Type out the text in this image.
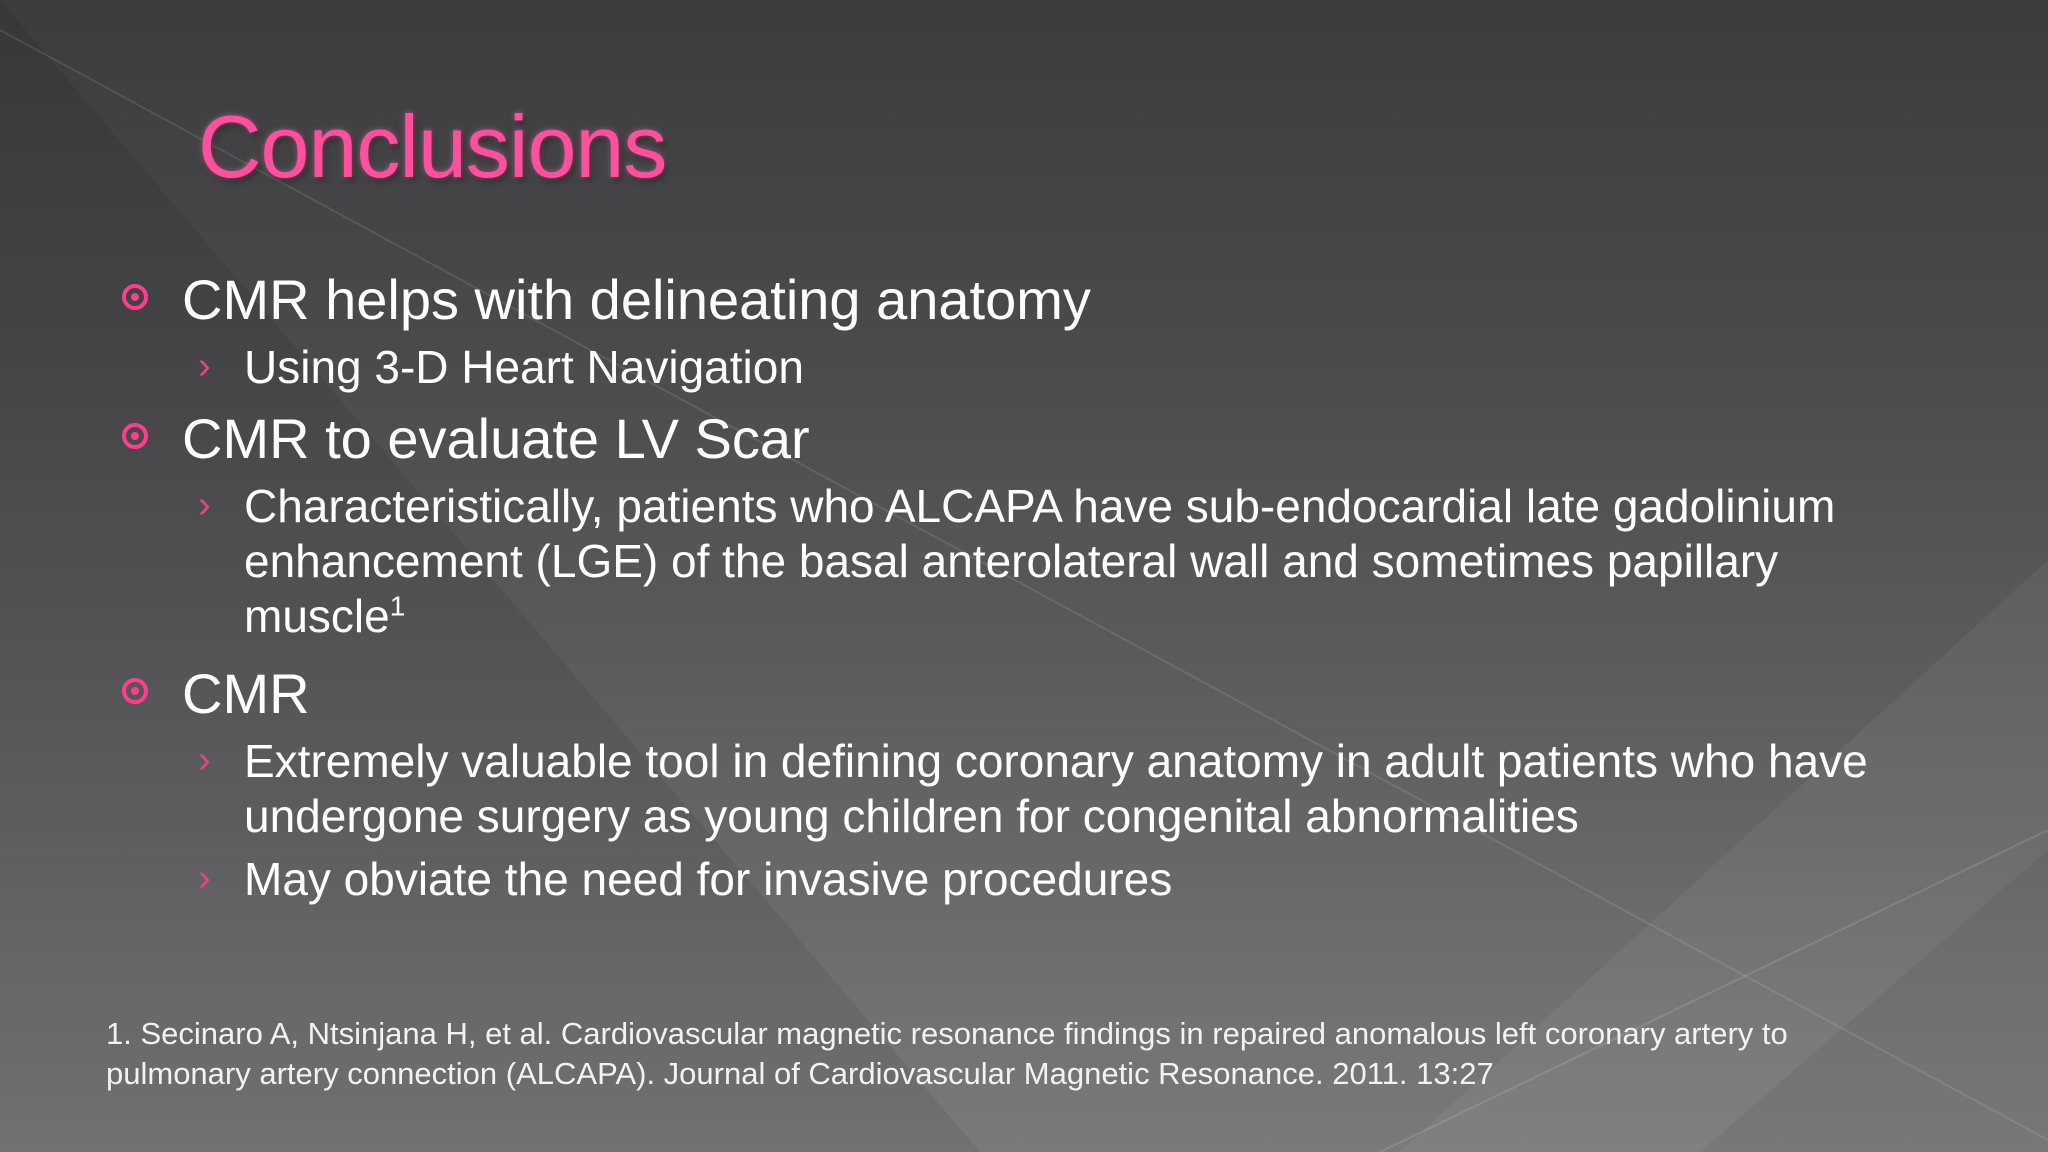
Conclusions
CMR helps with delineating anatomy
› Using 3-D Heart Navigation
CMR to evaluate LV Scar
› Characteristically, patients who ALCAPA have sub-endocardial late gadolinium enhancement (LGE) of the basal anterolateral wall and sometimes papillary muscle$^1$
CMR
› Extremely valuable tool in defining coronary anatomy in adult patients who have undergone surgery as young children for congenital abnormalities
› May obviate the need for invasive procedures
1. Secinaro A, Ntsinjana H, et al. Cardiovascular magnetic resonance findings in repaired anomalous left coronary artery to pulmonary artery connection (ALCAPA). Journal of Cardiovascular Magnetic Resonance. 2011. 13:27
